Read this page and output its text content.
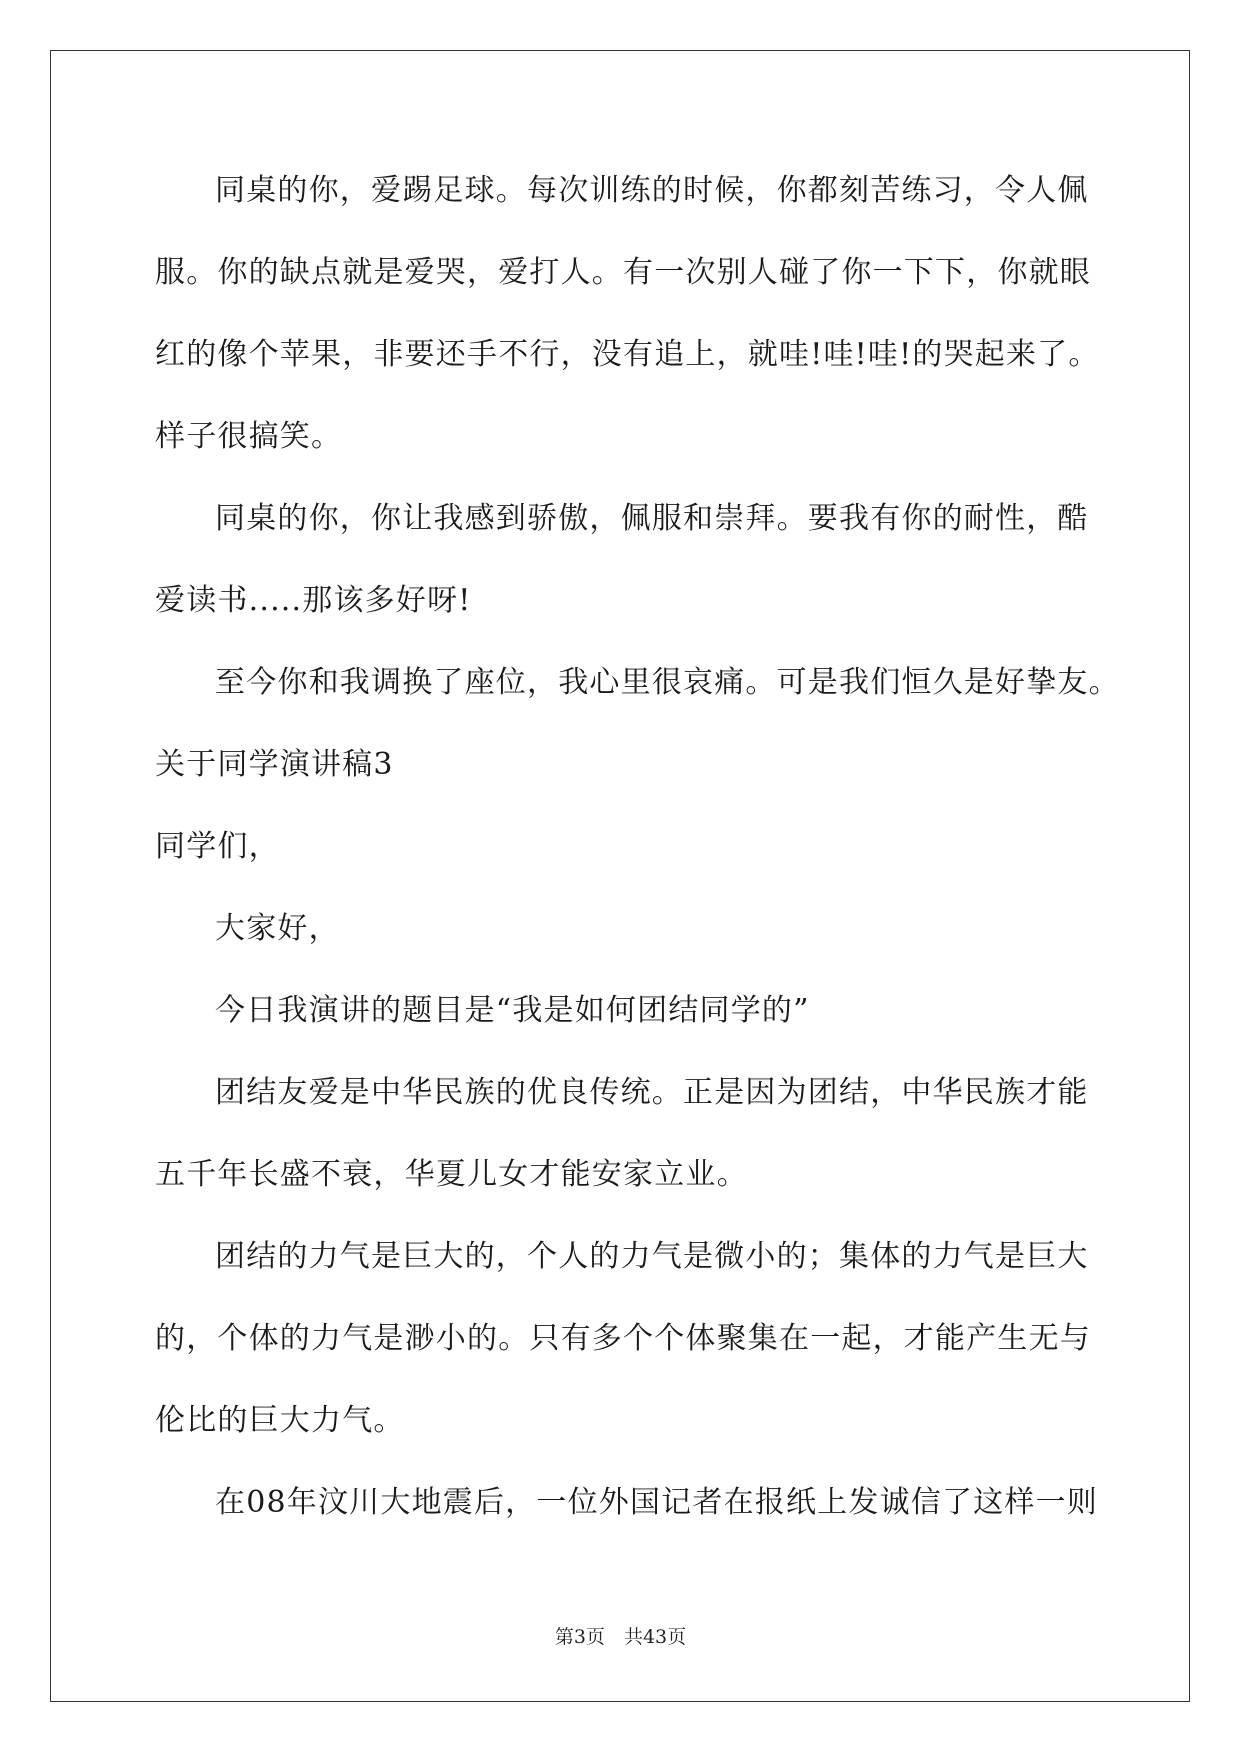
同桌的你，爱踢足球。每次训练的时候，你都刻苦练习，令人佩
服。你的缺点就是爱哭，爱打人。有一次别人碰了你一下下，你就眼
红的像个苹果，非要还手不行，没有追上，就哇!哇!哇!的哭起来了。
样子很搞笑。
同桌的你，你让我感到骄傲，佩服和崇拜。要我有你的耐性，酷
爱读书.....那该多好呀!
至今你和我调换了座位，我心里很哀痛。可是我们恒久是好挚友。
关于同学演讲稿3
同学们，
大家好，
今日我演讲的题目是“我是如何团结同学的”
团结友爱是中华民族的优良传统。正是因为团结，中华民族才能
五千年长盛不衰，华夏儿女才能安家立业。
团结的力气是巨大的，个人的力气是微小的；集体的力气是巨大
的，个体的力气是渺小的。只有多个个体聚集在一起，才能产生无与
伦比的巨大力气。
在08年汶川大地震后，一位外国记者在报纸上发诚信了这样一则
第3页　共43页
